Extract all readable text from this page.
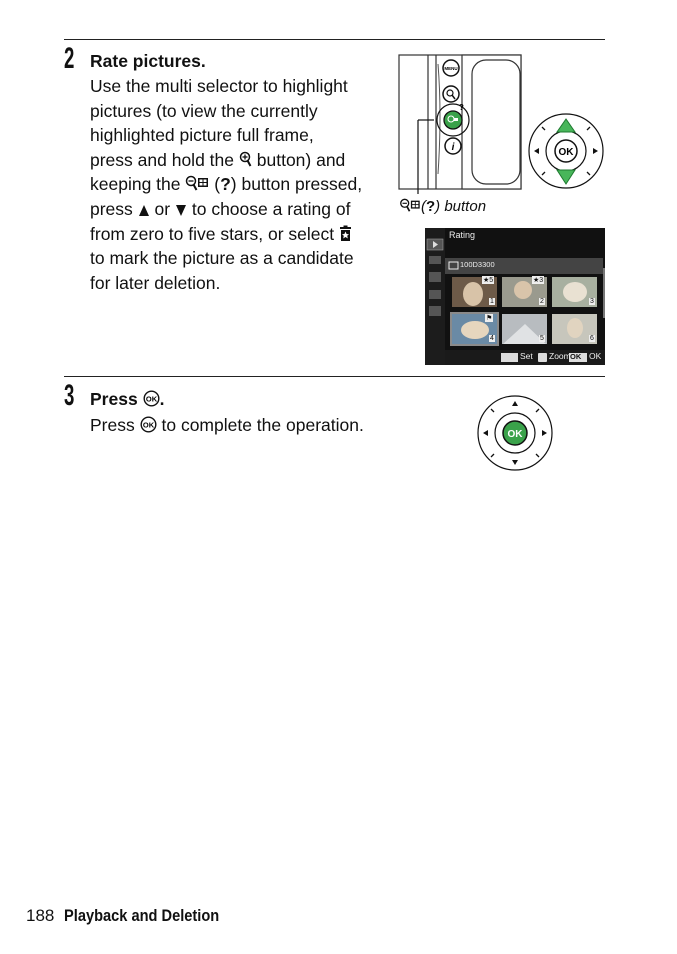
2 Rate pictures.
Use the multi selector to highlight
pictures (to view the currently
highlighted picture full frame,
press and hold the button) and
keeping the (?) button pressed,
press or to choose a rating of
from zero to five stars, or select
to mark the picture as a candidate
for later deletion.
MENU
?
i	OK
(?) button
Rating
100D3300
★5	★3
1	2	3
⚑
4	5	6
Set Zoom OK OK
3 Press OK .
Press OK to complete the operation.	OK
188 Playback and Deletion
